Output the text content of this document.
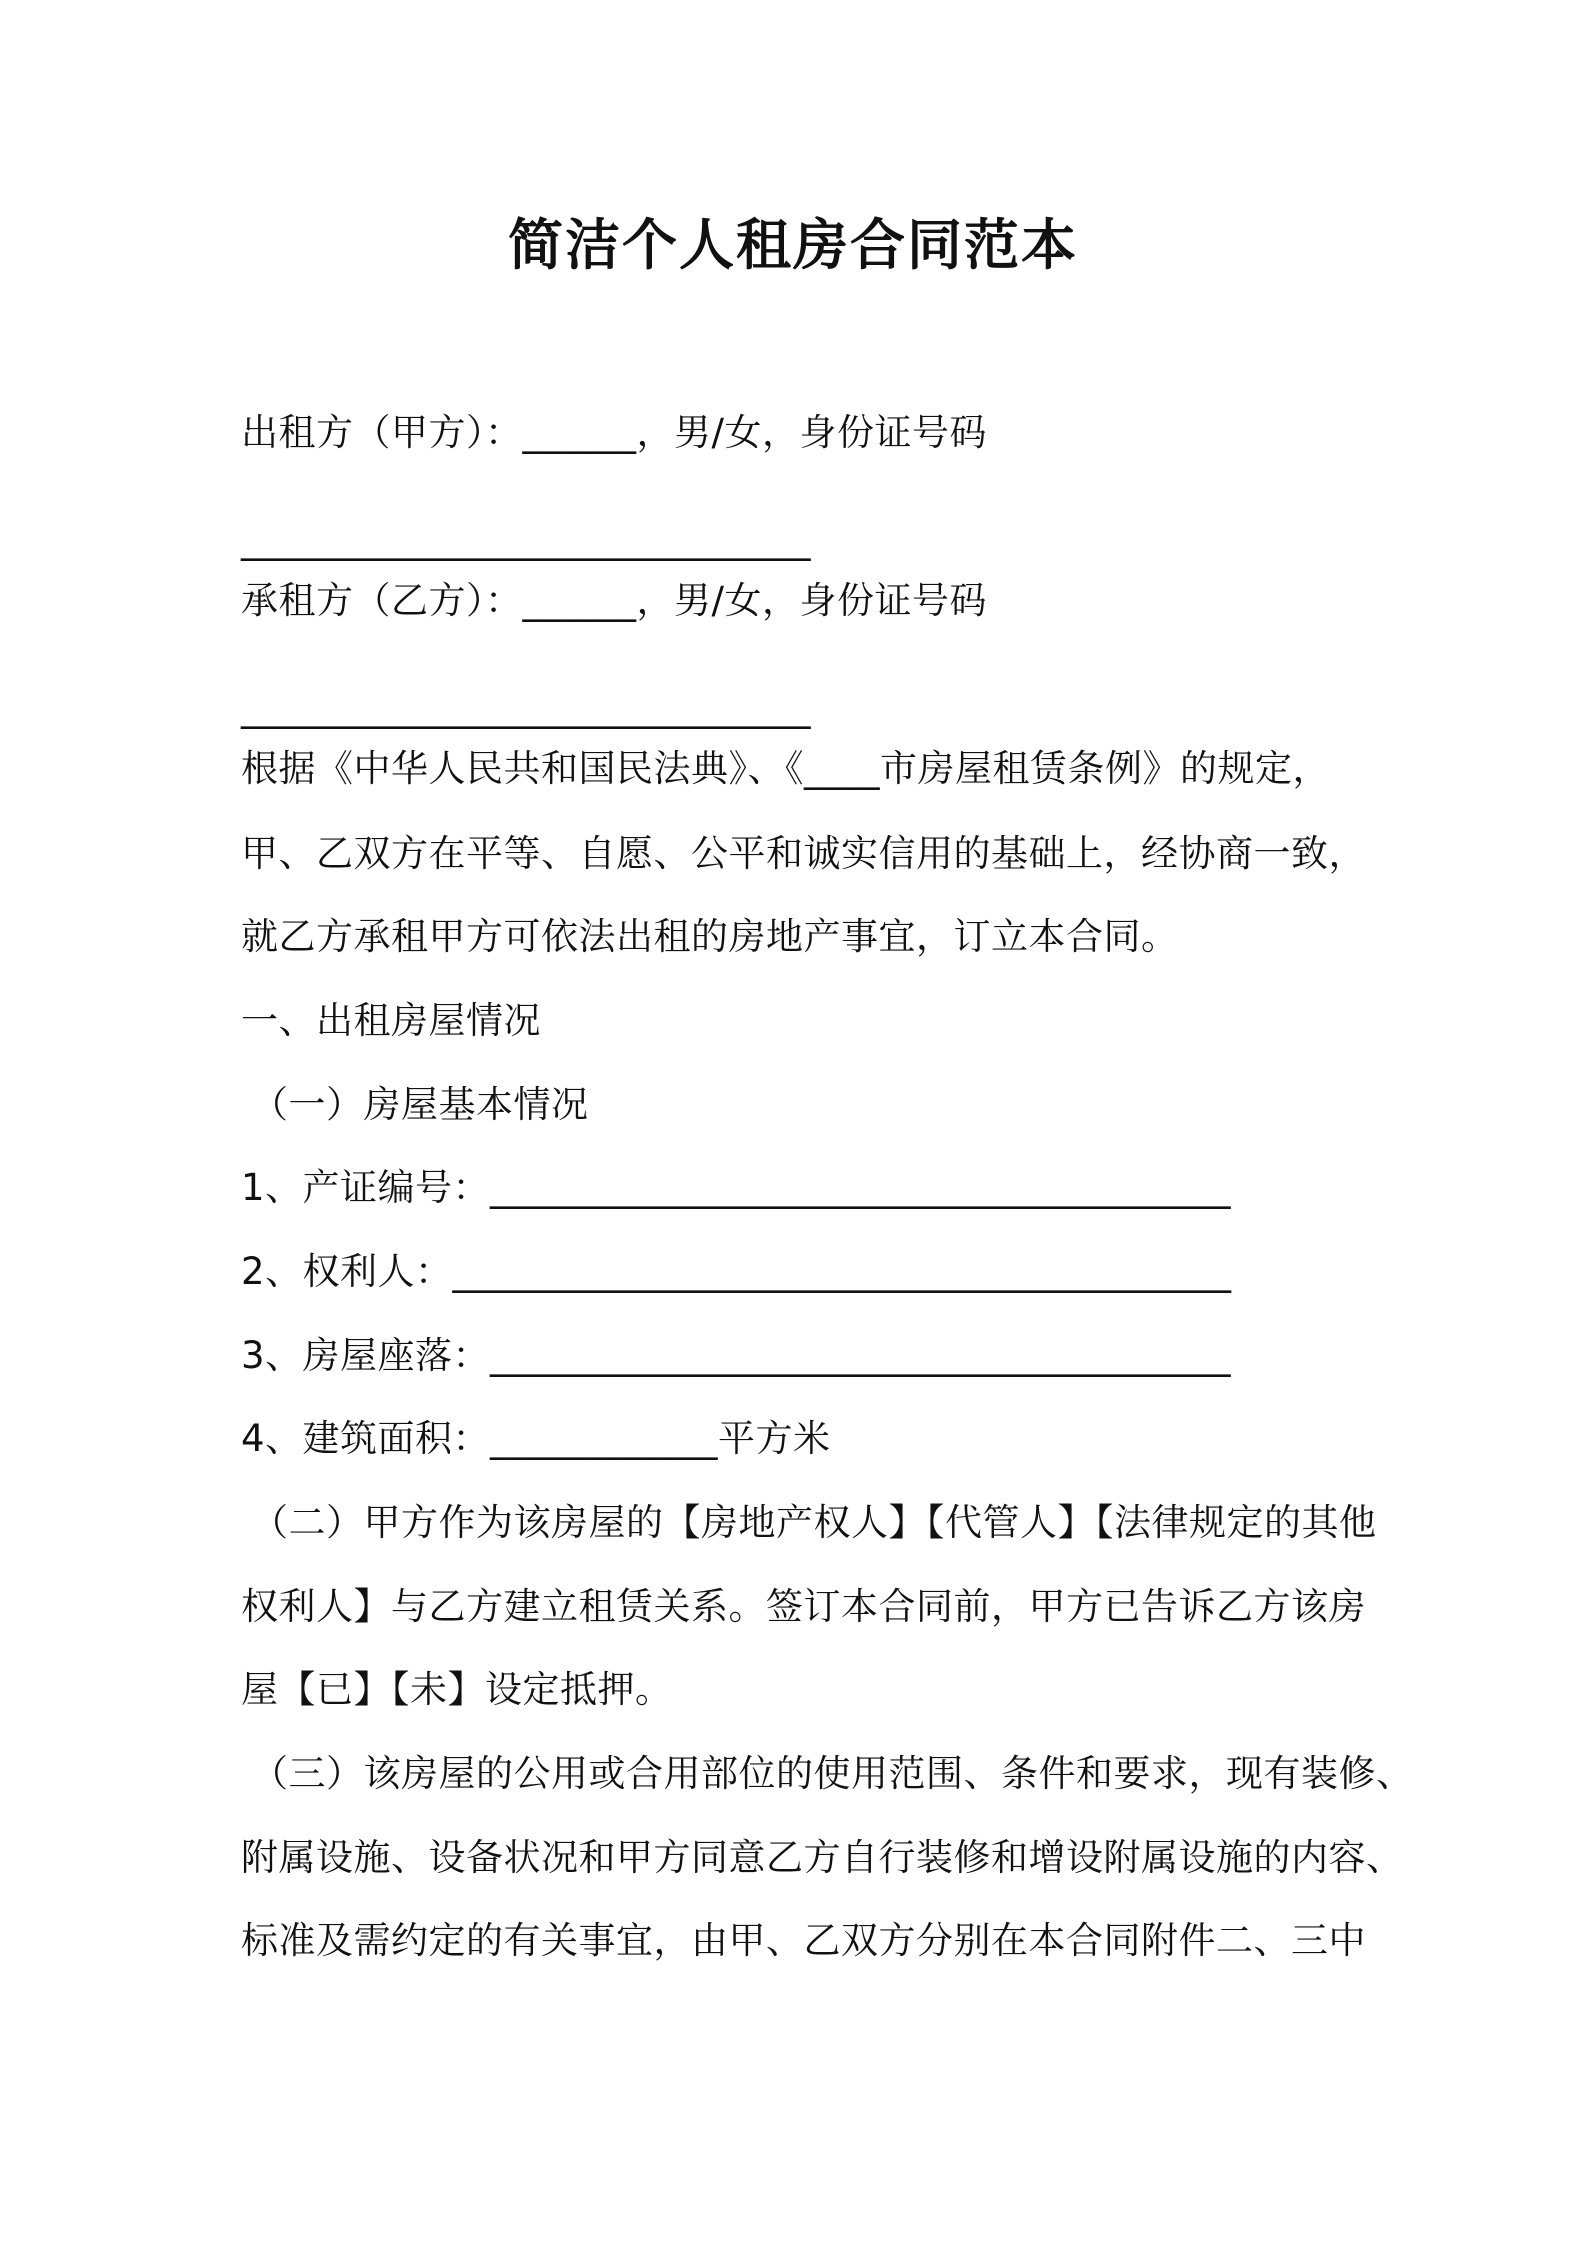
简洁个人租房合同范本
出租方（甲方）：______，男/女，身份证号码
______________________________
承租方（乙方）：______，男/女，身份证号码
______________________________
根据《中华人民共和国民法典》、《____市房屋租赁条例》的规定，
甲、乙双方在平等、自愿、公平和诚实信用的基础上，经协商一致，
就乙方承租甲方可依法出租的房地产事宜，订立本合同。
一、出租房屋情况
（一）房屋基本情况
1、产证编号：_______________________________________
2、权利人：_________________________________________
3、房屋座落：_______________________________________
4、建筑面积：____________平方米
（二）甲方作为该房屋的【房地产权人】【代管人】【法律规定的其他
权利人】与乙方建立租赁关系。签订本合同前，甲方已告诉乙方该房
屋【已】【未】设定抵押。
（三）该房屋的公用或合用部位的使用范围、条件和要求，现有装修、
附属设施、设备状况和甲方同意乙方自行装修和增设附属设施的内容、
标准及需约定的有关事宜，由甲、乙双方分别在本合同附件二、三中
